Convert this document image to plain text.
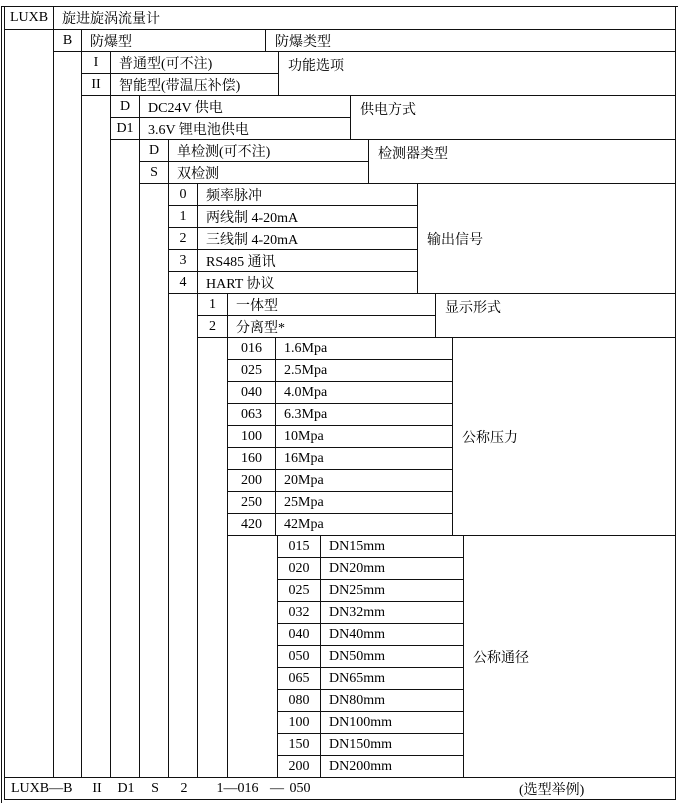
LUXB 旋进旋涡流量计
B	防爆型	防爆类型
I	普通型(可不注)
II	智能型(带温压补偿)
功能选项
D	DC24V 供电
D1	3.6V 锂电池供电
供电方式
D	单检测(可不注)
S	双检测
检测器类型
0	频率脉冲
1	两线制 4-20mA
2	三线制 4-20mA
3	RS485 通讯
4	HART 协议
输出信号
1	一体型
2	分离型*
显示形式
016	1.6Mpa
025	2.5Mpa
040	4.0Mpa
063	6.3Mpa
100	10Mpa
160	16Mpa
200	20Mpa
250	25Mpa
420	42Mpa
公称压力
015	DN15mm
020	DN20mm
025	DN25mm
032	DN32mm
040	DN40mm
050	DN50mm
065	DN65mm
080	DN80mm
100	DN100mm
150	DN150mm
200	DN200mm
公称通径
LUXB—B	II	D1	S	2	1—016 — 050	(选型举例)
